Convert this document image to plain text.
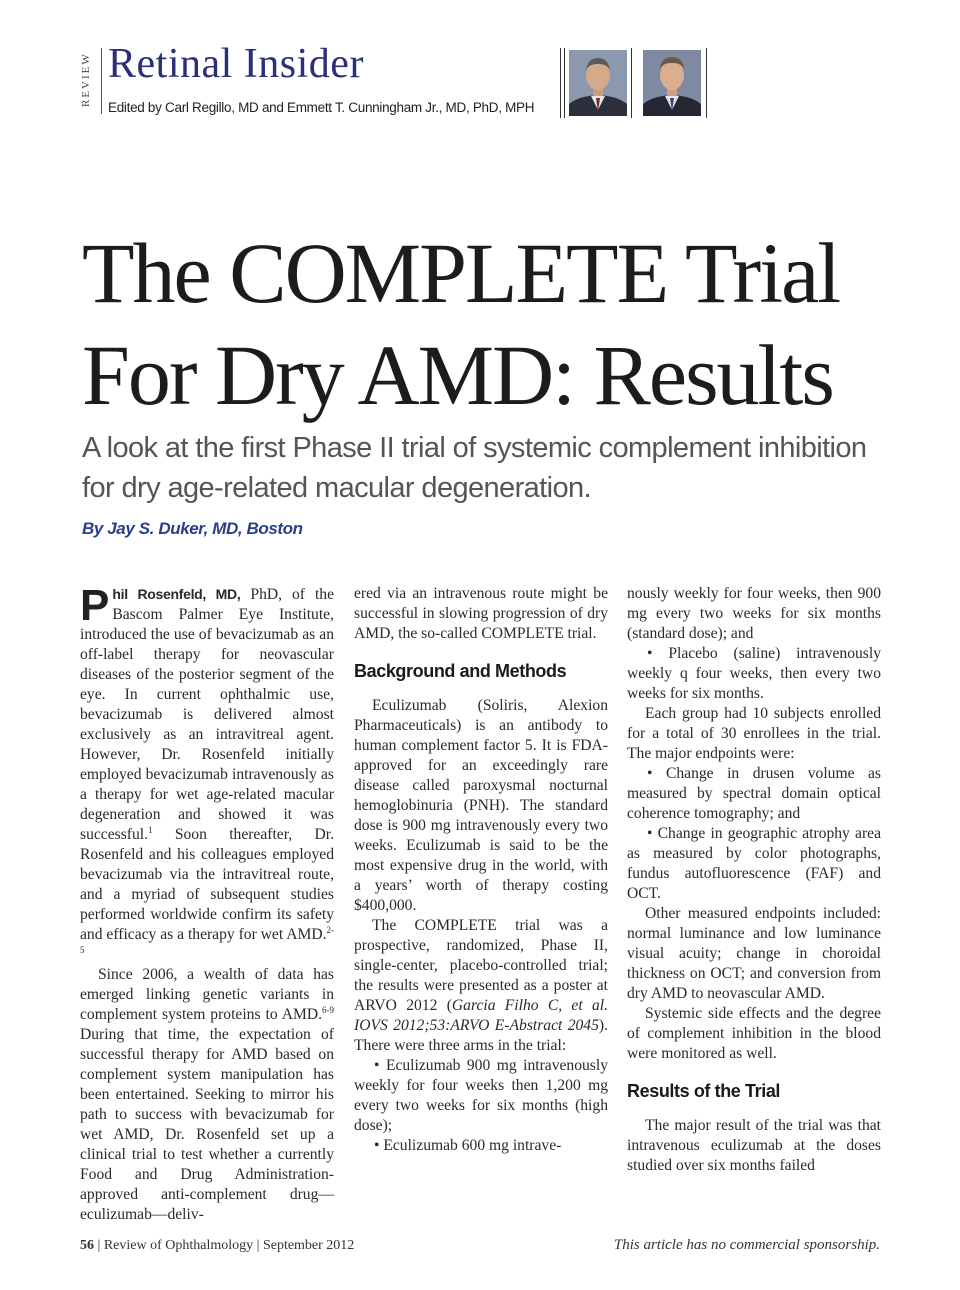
REVIEW Retinal Insider
Edited by Carl Regillo, MD and Emmett T. Cunningham Jr., MD, PhD, MPH
The COMPLETE Trial
For Dry AMD: Results

A look at the first Phase II trial of systemic complement inhibition for dry age-related macular degeneration.

By Jay S. Duker, MD, Boston

Phil Rosenfeld, MD, PhD, of the Bascom Palmer Eye Institute, introduced the use of bevacizumab as an off-label therapy for neovascular diseases of the posterior segment of the eye. In current ophthalmic use, bevacizumab is delivered almost exclusively as an intravitreal agent. However, Dr. Rosenfeld initially employed bevacizumab intravenously as a therapy for wet age-related macular degeneration and showed it was successful.$^1$ Soon thereafter, Dr. Rosenfeld and his colleagues employed bevacizumab via the intravitreal route, and a myriad of subsequent studies performed worldwide confirm its safety and efficacy as a therapy for wet AMD.$^{2-5}$

Since 2006, a wealth of data has emerged linking genetic variants in complement system proteins to AMD.$^{6-9}$ During that time, the expectation of successful therapy for AMD based on complement system manipulation has been entertained. Seeking to mirror his path to success with bevacizumab for wet AMD, Dr. Rosenfeld set up a clinical trial to test whether a currently Food and Drug Administration-approved anti-complement drug—eculizumab—deliv-

ered via an intravenous route might be successful in slowing progression of dry AMD, the so-called COMPLETE trial.

Background and Methods

Eculizumab (Soliris, Alexion Pharmaceuticals) is an antibody to human complement factor 5. It is FDA-approved for an exceedingly rare disease called paroxysmal nocturnal hemoglobinuria (PNH). The standard dose is 900 mg intravenously every two weeks. Eculizumab is said to be the most expensive drug in the world, with a years’ worth of therapy costing $400,000.

The COMPLETE trial was a prospective, randomized, Phase II, single-center, placebo-controlled trial; the results were presented as a poster at ARVO 2012 (Garcia Filho C, et al. IOVS 2012;53:ARVO E-Abstract 2045). There were three arms in the trial:

• Eculizumab 900 mg intravenously weekly for four weeks then 1,200 mg every two weeks for six months (high dose);

• Eculizumab 600 mg intrave-

nously weekly for four weeks, then 900 mg every two weeks for six months (standard dose); and

• Placebo (saline) intravenously weekly q four weeks, then every two weeks for six months.

Each group had 10 subjects enrolled for a total of 30 enrollees in the trial. The major endpoints were:

• Change in drusen volume as measured by spectral domain optical coherence tomography; and

• Change in geographic atrophy area as measured by color photographs, fundus autofluorescence (FAF) and OCT.

Other measured endpoints included: normal luminance and low luminance visual acuity; change in choroidal thickness on OCT; and conversion from dry AMD to neovascular AMD.

Systemic side effects and the degree of complement inhibition in the blood were monitored as well.

Results of the Trial

The major result of the trial was that intravenous eculizumab at the doses studied over six months failed

56 | Review of Ophthalmology | September 2012	This article has no commercial sponsorship.
